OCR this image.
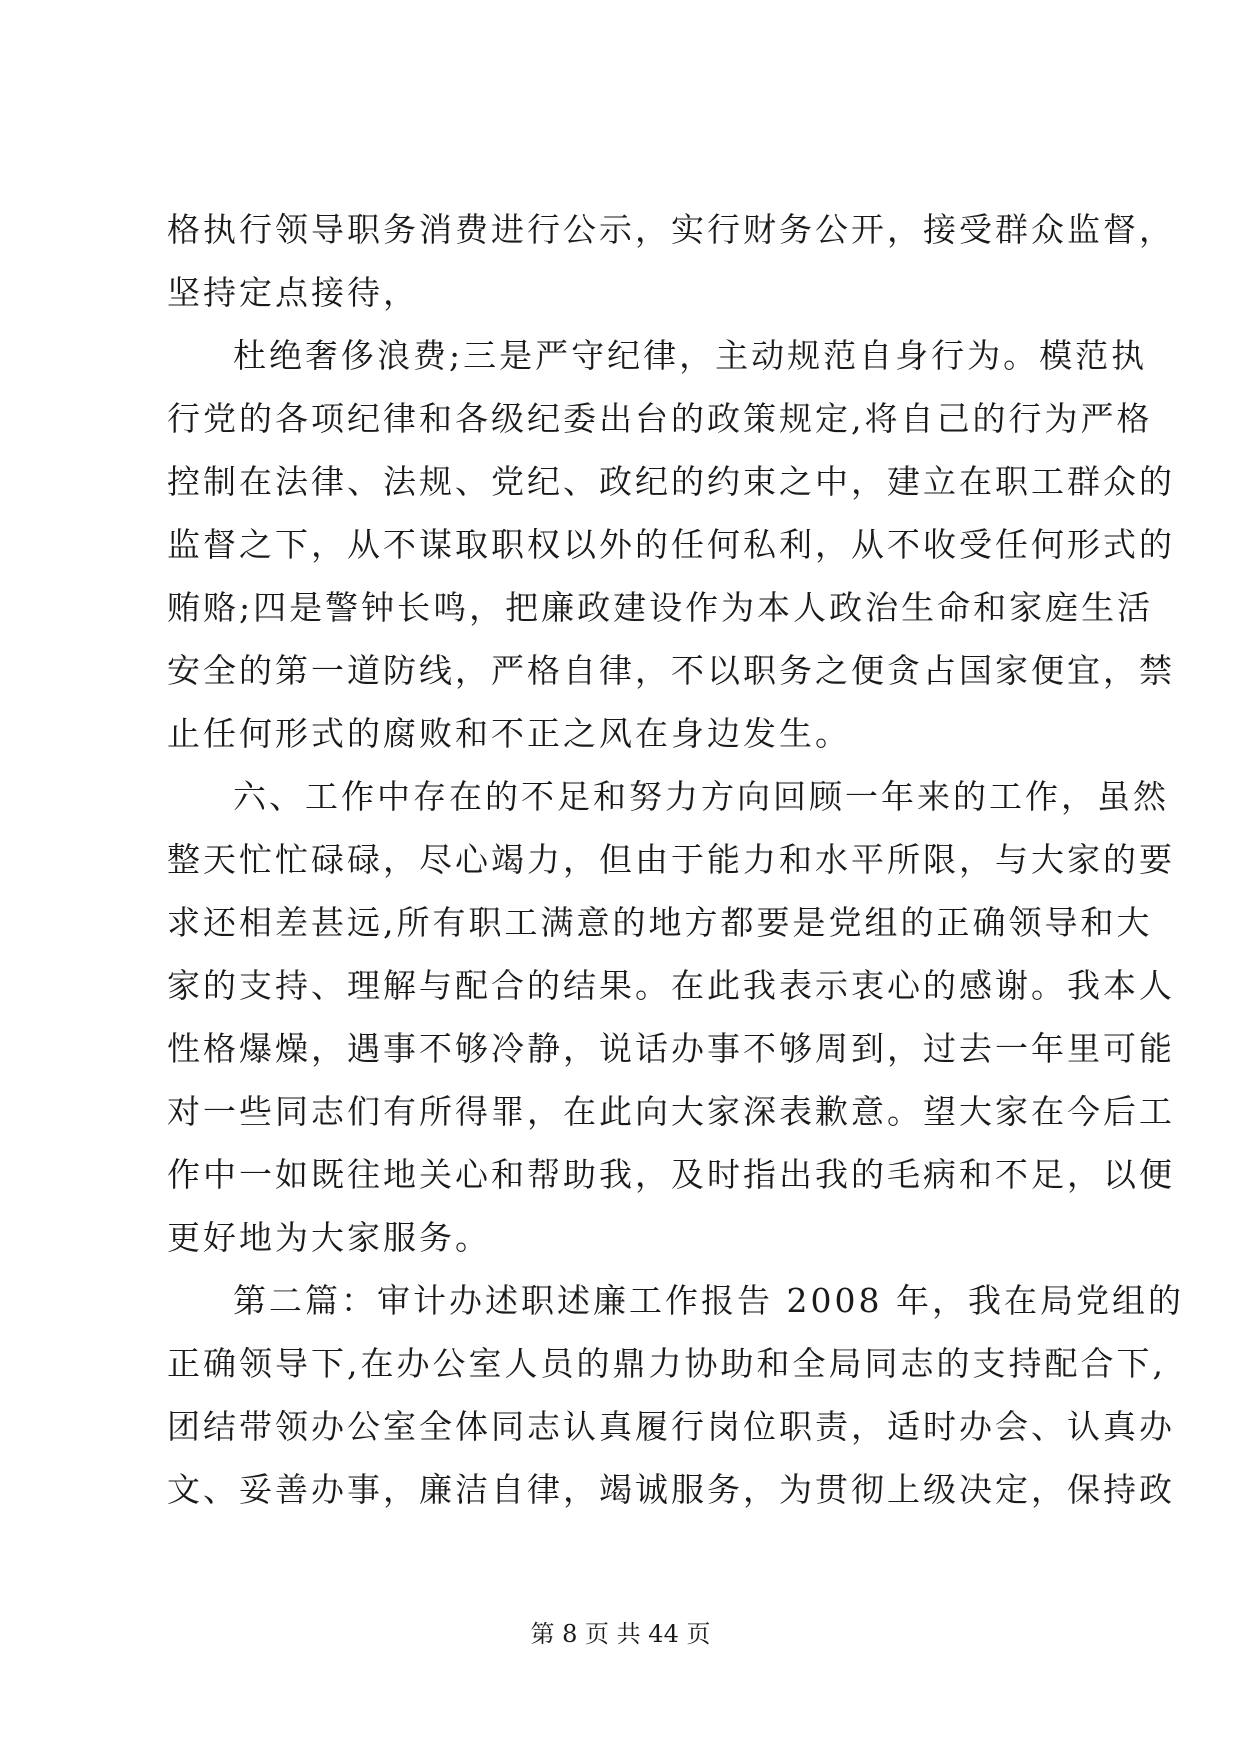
格执行领导职务消费进行公示，实行财务公开，接受群众监督，
坚持定点接待，
杜绝奢侈浪费;三是严守纪律，主动规范自身行为。模范执
行党的各项纪律和各级纪委出台的政策规定,将自己的行为严格
控制在法律、法规、党纪、政纪的约束之中，建立在职工群众的
监督之下，从不谋取职权以外的任何私利，从不收受任何形式的
贿赂;四是警钟长鸣，把廉政建设作为本人政治生命和家庭生活
安全的第一道防线，严格自律，不以职务之便贪占国家便宜，禁
止任何形式的腐败和不正之风在身边发生。
六、工作中存在的不足和努力方向回顾一年来的工作，虽然
整天忙忙碌碌，尽心竭力，但由于能力和水平所限，与大家的要
求还相差甚远,所有职工满意的地方都要是党组的正确领导和大
家的支持、理解与配合的结果。在此我表示衷心的感谢。我本人
性格爆燥，遇事不够冷静，说话办事不够周到，过去一年里可能
对一些同志们有所得罪，在此向大家深表歉意。望大家在今后工
作中一如既往地关心和帮助我，及时指出我的毛病和不足，以便
更好地为大家服务。
第二篇：审计办述职述廉工作报告 2008 年，我在局党组的
正确领导下,在办公室人员的鼎力协助和全局同志的支持配合下,
团结带领办公室全体同志认真履行岗位职责，适时办会、认真办
文、妥善办事，廉洁自律，竭诚服务，为贯彻上级决定，保持政
第 8 页 共 44 页
